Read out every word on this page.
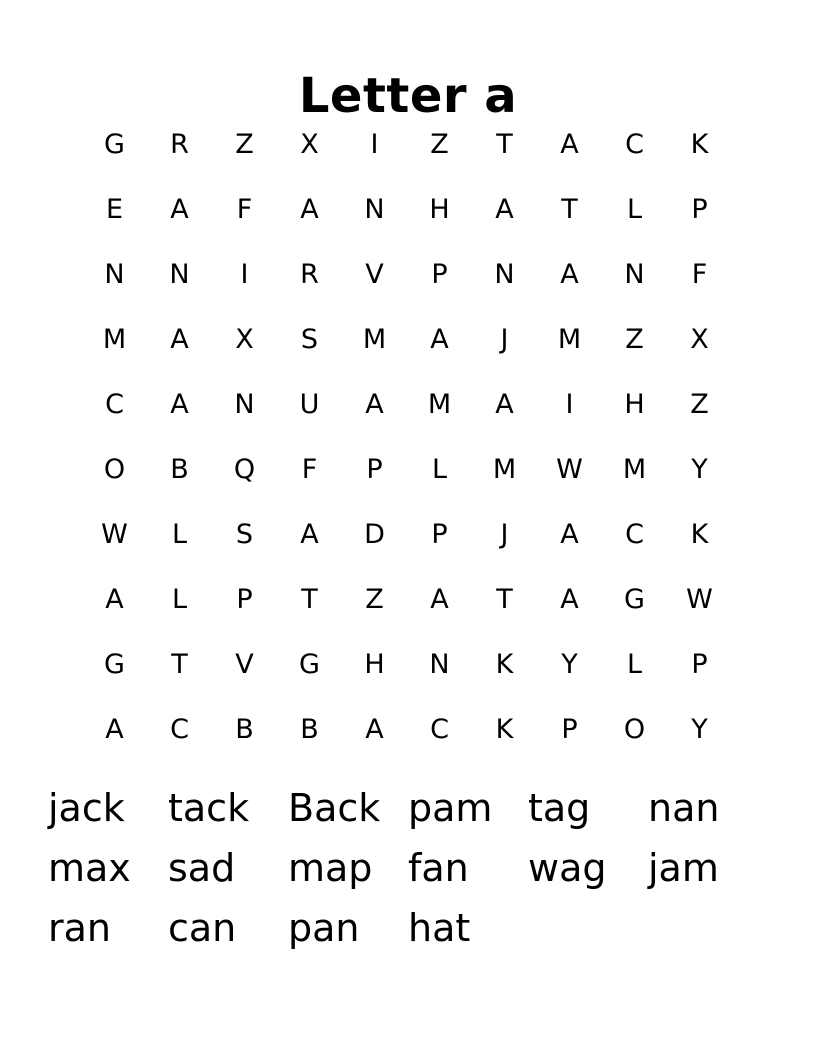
Letter a
G	R	Z	X	I	Z	T	A	C	K
E	A	F	A	N	H	A	T	L	P
N	N	I	R	V	P	N	A	N	F
M	A	X	S	M	A	J	M	Z	X
C	A	N	U	A	M	A	I	H	Z
O	B	Q	F	P	L	M	W	M	Y
W	L	S	A	D	P	J	A	C	K
A	L	P	T	Z	A	T	A	G	W
G	T	V	G	H	N	K	Y	L	P
A	C	B	B	A	C	K	P	O	Y
jack tack Back pam tag nan
max sad map fan wag jam
ran can pan hat
